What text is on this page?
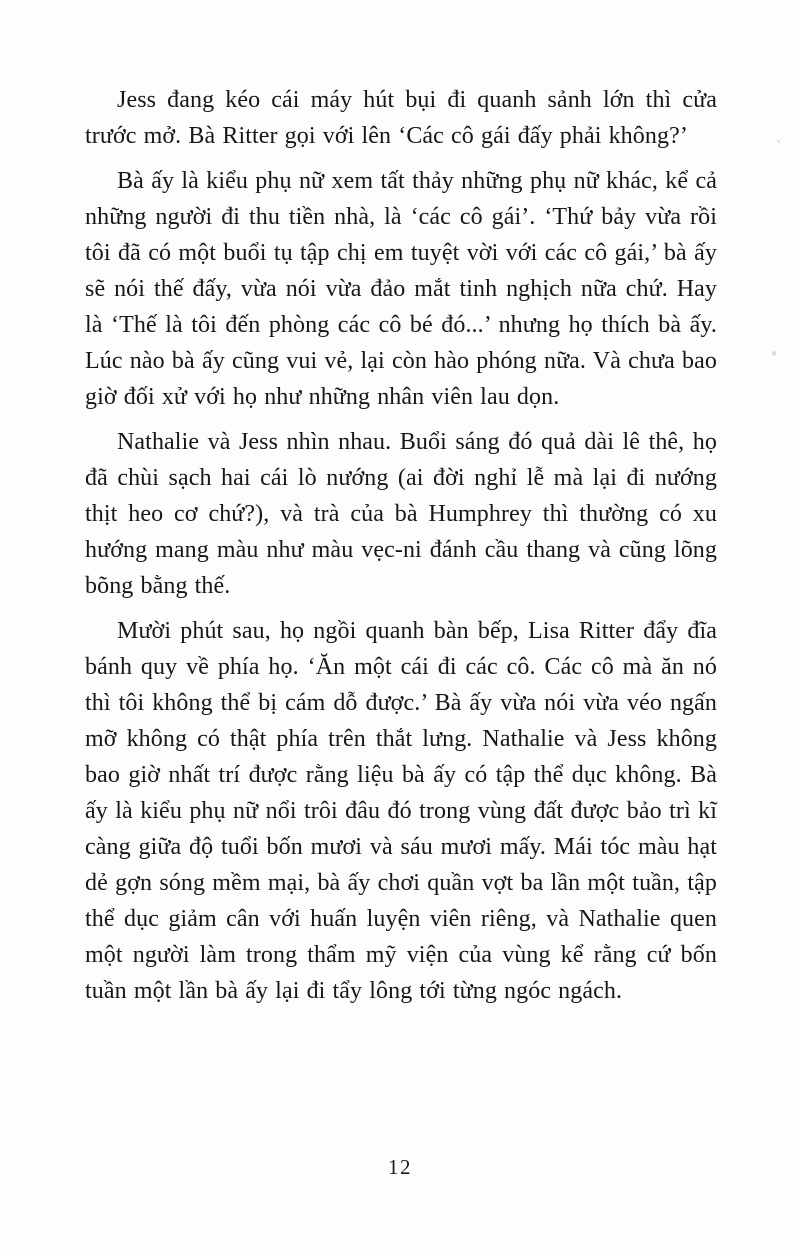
Jess đang kéo cái máy hút bụi đi quanh sảnh lớn thì cửa trước mở. Bà Ritter gọi với lên ‘Các cô gái đấy phải không?’

Bà ấy là kiểu phụ nữ xem tất thảy những phụ nữ khác, kể cả những người đi thu tiền nhà, là ‘các cô gái’. ‘Thứ bảy vừa rồi tôi đã có một buổi tụ tập chị em tuyệt vời với các cô gái,’ bà ấy sẽ nói thế đấy, vừa nói vừa đảo mắt tinh nghịch nữa chứ. Hay là ‘Thế là tôi đến phòng các cô bé đó...’ nhưng họ thích bà ấy. Lúc nào bà ấy cũng vui vẻ, lại còn hào phóng nữa. Và chưa bao giờ đối xử với họ như những nhân viên lau dọn.

Nathalie và Jess nhìn nhau. Buổi sáng đó quả dài lê thê, họ đã chùi sạch hai cái lò nướng (ai đời nghỉ lễ mà lại đi nướng thịt heo cơ chứ?), và trà của bà Humphrey thì thường có xu hướng mang màu như màu vẹc-ni đánh cầu thang và cũng lõng bõng bằng thế.

Mười phút sau, họ ngồi quanh bàn bếp, Lisa Ritter đẩy đĩa bánh quy về phía họ. ‘Ăn một cái đi các cô. Các cô mà ăn nó thì tôi không thể bị cám dỗ được.’ Bà ấy vừa nói vừa véo ngấn mỡ không có thật phía trên thắt lưng. Nathalie và Jess không bao giờ nhất trí được rằng liệu bà ấy có tập thể dục không. Bà ấy là kiểu phụ nữ nổi trôi đâu đó trong vùng đất được bảo trì kĩ càng giữa độ tuổi bốn mươi và sáu mươi mấy. Mái tóc màu hạt dẻ gợn sóng mềm mại, bà ấy chơi quần vợt ba lần một tuần, tập thể dục giảm cân với huấn luyện viên riêng, và Nathalie quen một người làm trong thẩm mỹ viện của vùng kể rằng cứ bốn tuần một lần bà ấy lại đi tẩy lông tới từng ngóc ngách.

12
